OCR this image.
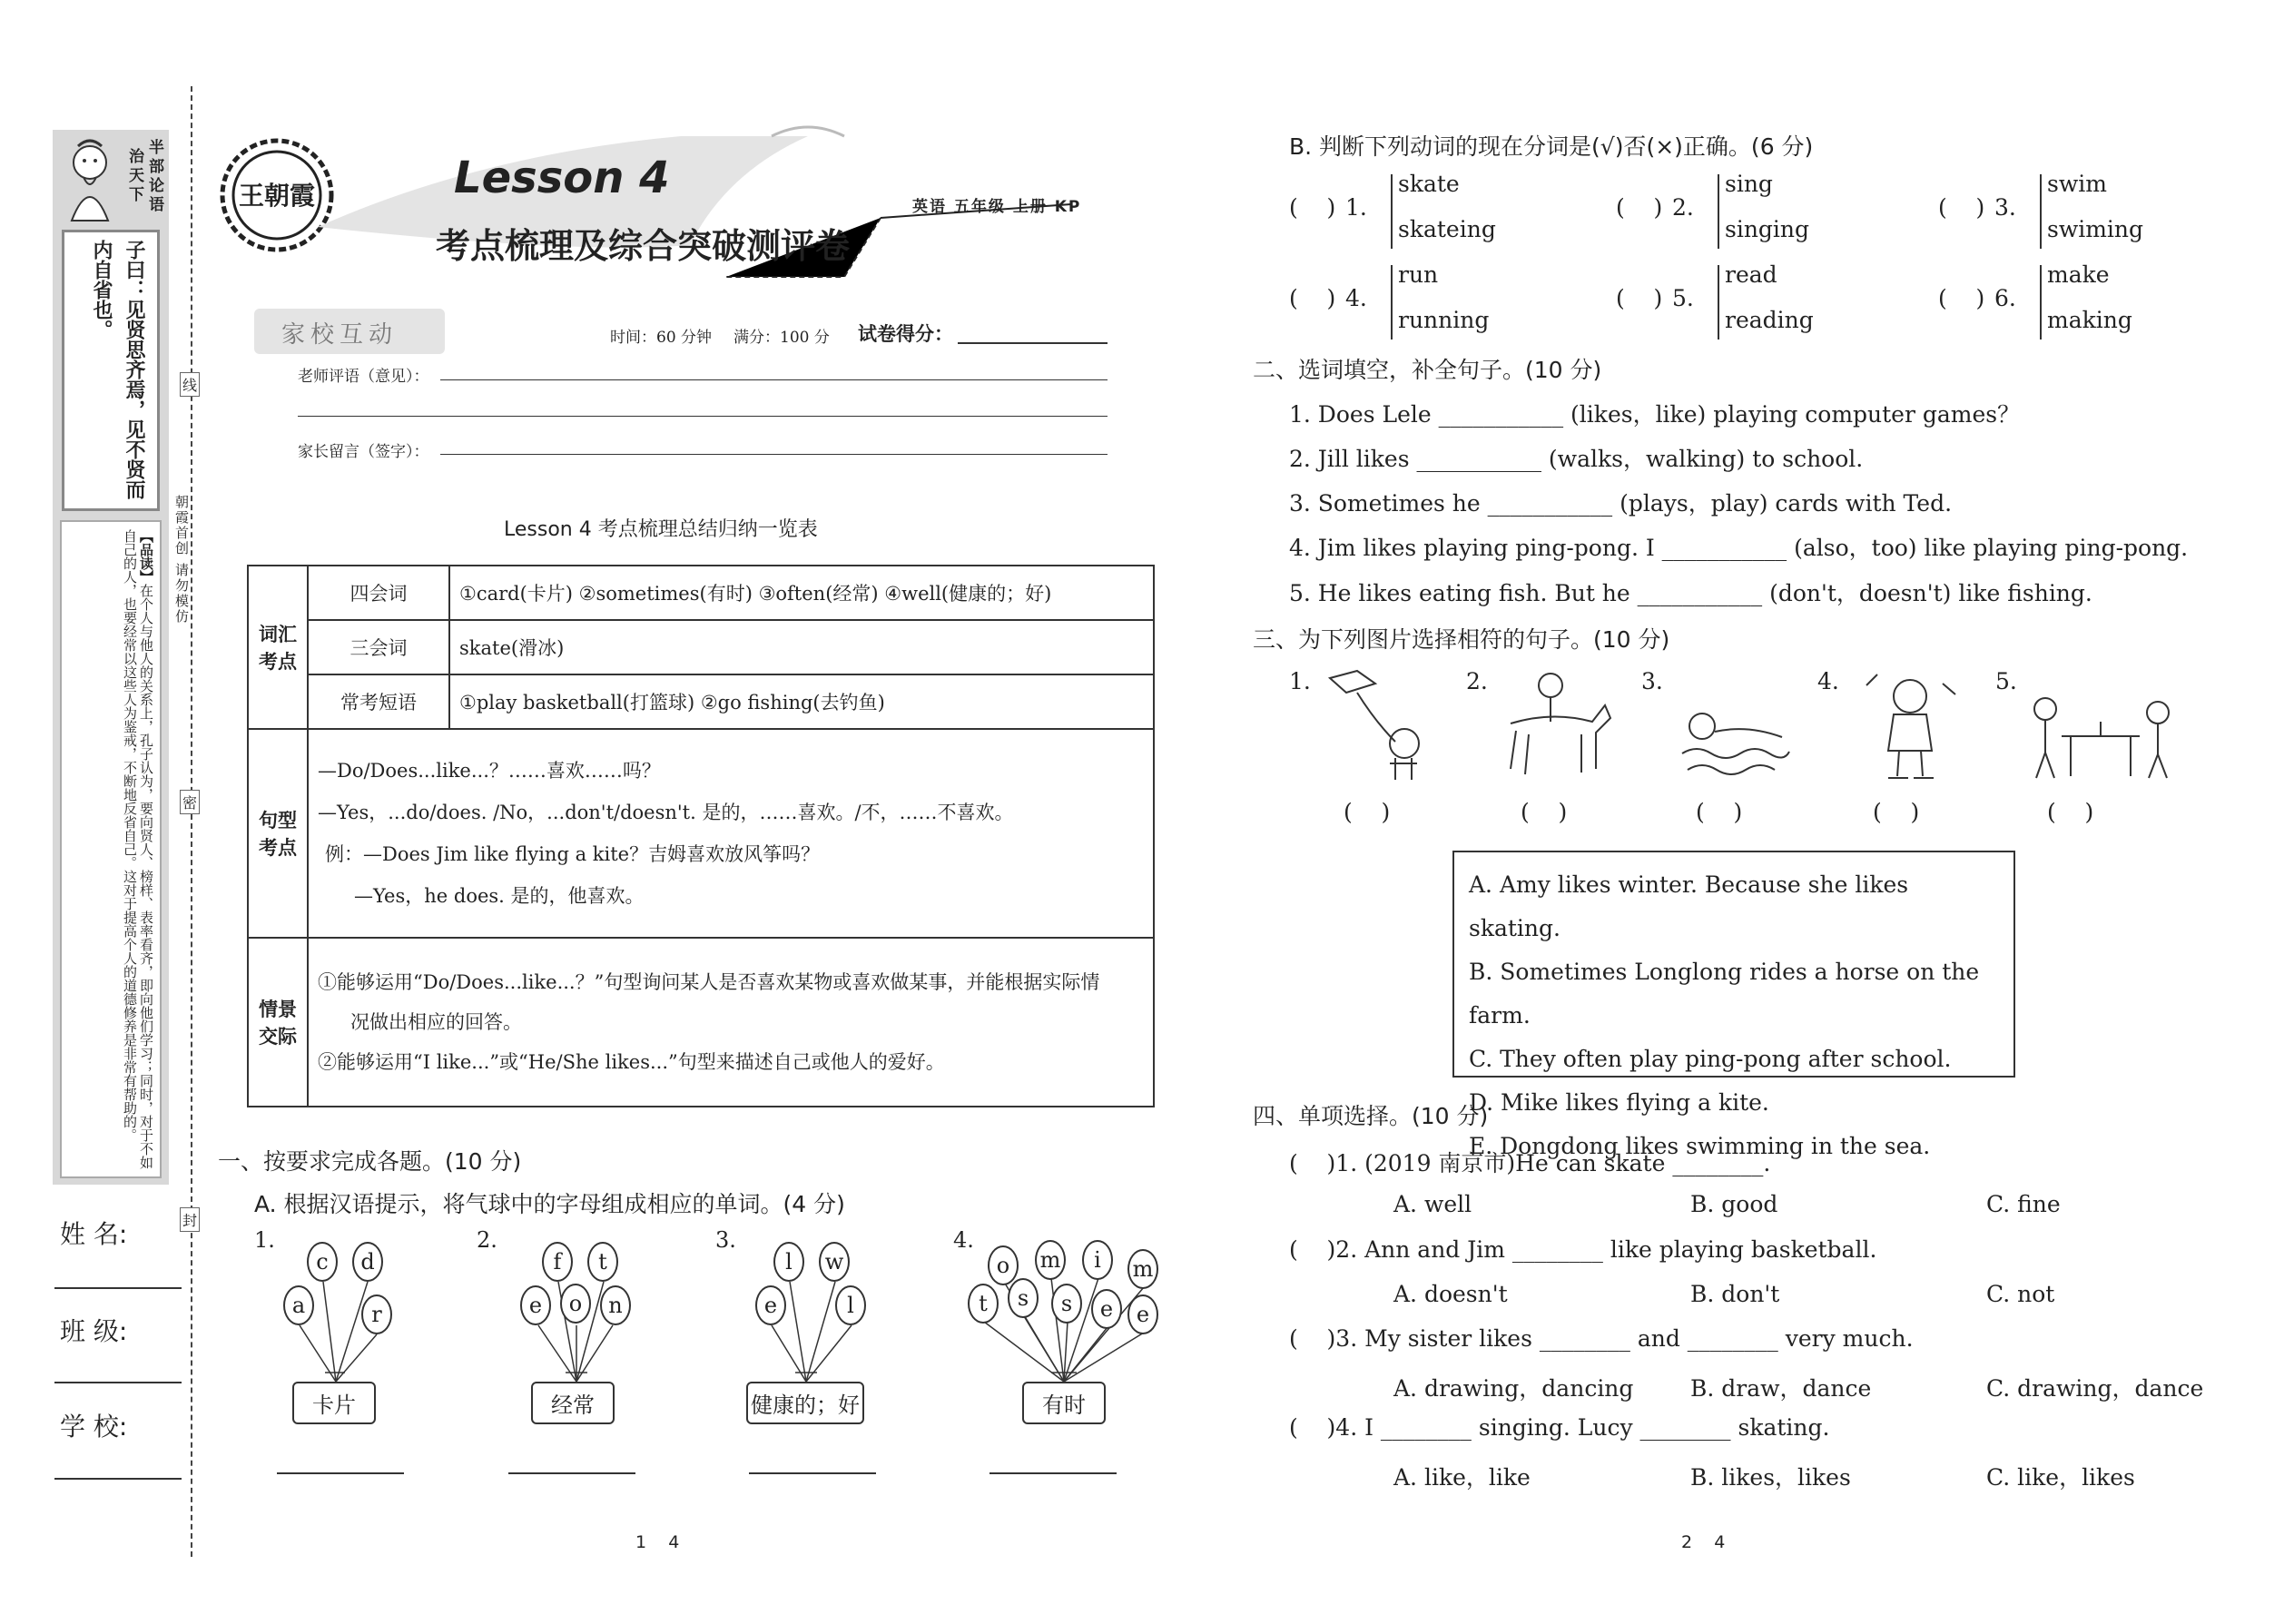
半部论语
治天下
子曰：见贤思齐焉，见不贤而内自省也。
【品读】在个人与他人的关系上，孔子认为，要向贤人、榜样、表率看齐，即向他们学习；同时，对于不如自己的人，也要经常以这些人为鉴戒，不断地反省自己。这对于提高个人的道德修养是非常有帮助的。	朝霞首创 请勿模仿
线
密
封
姓 名:
班 级:
学 校:
王朝霞	Lesson 4
考点梳理及综合突破测评卷
英语 五年级 上册 KP
家校互动	时间：60 分钟 满分：100 分 试卷得分：
老师评语（意见）：
家长留言（签字）：
Lesson 4 考点梳理总结归纳一览表
词汇考点	四会词	①card(卡片) ②sometimes(有时) ③often(经常) ④well(健康的；好)
	三会词	skate(滑冰)
	常考短语	①play basketball(打篮球) ②go fishing(去钓鱼)

句型考点	—Do/Does...like...？……喜欢……吗？
—Yes，...do/does. /No，...don't/doesn't. 是的，……喜欢。/不，……不喜欢。
例：—Does Jim like flying a kite？吉姆喜欢放风筝吗？
—Yes，he does. 是的，他喜欢。	

情景交际	①能够运用“Do/Does...like...？”句型询问某人是否喜欢某物或喜欢做某事，并能根据实际情
况做出相应的回答。
②能够运用“I like...”或“He/She likes...”句型来描述自己或他人的爱好。	
一、按要求完成各题。(10 分)
A. 根据汉语提示，将气球中的字母组成相应的单词。(4 分)
1.
c	d
a	r
卡片
2.
f	t
e	o	n
经常
3.
l	w
e	l
健康的；好
4.
o	m	i	m
t	s	s	e	e
有时
1    4
B. 判断下列动词的现在分词是(√)否(×)正确。(6 分)
(    ) 1.
skate
skateing
(    ) 2.
sing
singing
(    ) 3.
swim
swiming
(    ) 4.
run
running
(    ) 5.
read
reading
(    ) 6.
make
making
二、选词填空，补全句子。(10 分)
1. Does Lele ___________ (likes，like) playing computer games？
2. Jill likes ___________ (walks，walking) to school.
3. Sometimes he ___________ (plays，play) cards with Ted.
4. Jim likes playing ping-pong. I ___________ (also，too) like playing ping-pong.
5. He likes eating fish. But he ___________ (don't，doesn't) like fishing.
三、为下列图片选择相符的句子。(10 分)
1.
(    )
2.
(    )
3.
(    )
4.
(    )
5.
(    )
A. Amy likes winter. Because she likes skating.
B. Sometimes Longlong rides a horse on the farm.
C. They often play ping-pong after school.
D. Mike likes flying a kite.
E. Dongdong likes swimming in the sea.
四、单项选择。(10 分)
(    )1. (2019 南京市)He can skate ________.
A. well	B. good	C. fine
(    )2. Ann and Jim ________ like playing basketball.
A. doesn't	B. don't	C. not
(    )3. My sister likes ________ and ________ very much.
A. drawing，dancing	B. draw，dance	C. drawing，dance
(    )4. I ________ singing. Lucy ________ skating.
A. like，like	B. likes，likes	C. like，likes
2    4
